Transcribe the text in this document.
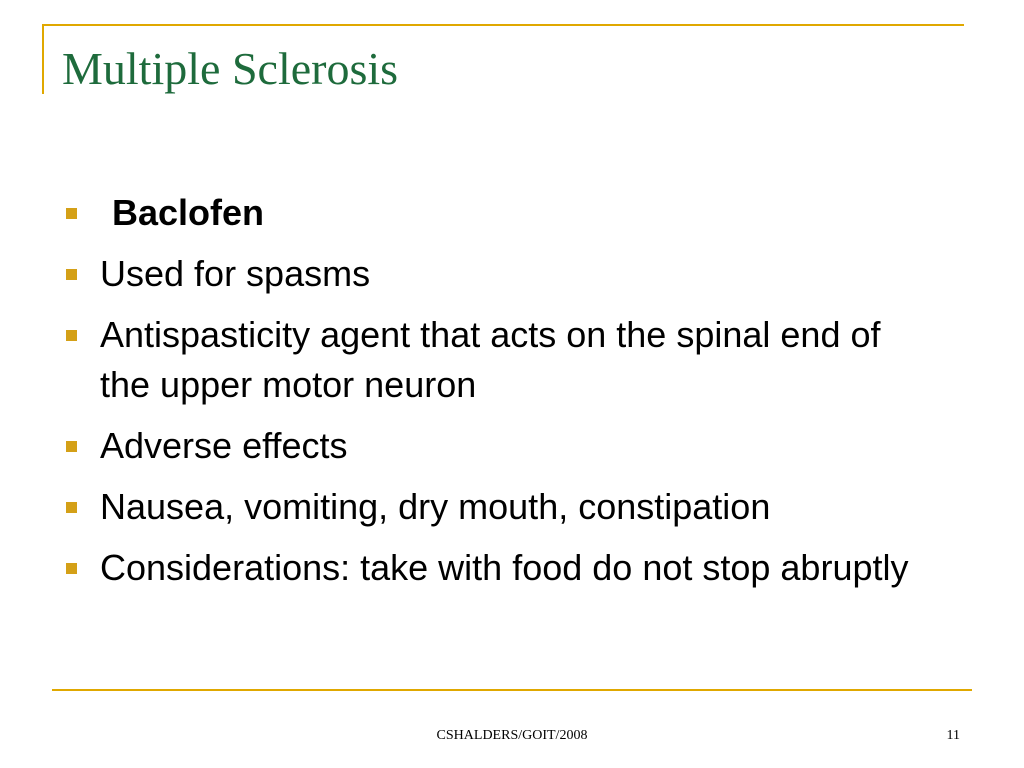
Multiple Sclerosis
Baclofen
Used for spasms
Antispasticity agent that acts on the spinal end of the upper motor neuron
Adverse effects
Nausea, vomiting, dry mouth, constipation
Considerations: take with food do not stop abruptly
CSHALDERS/GOIT/2008	11
